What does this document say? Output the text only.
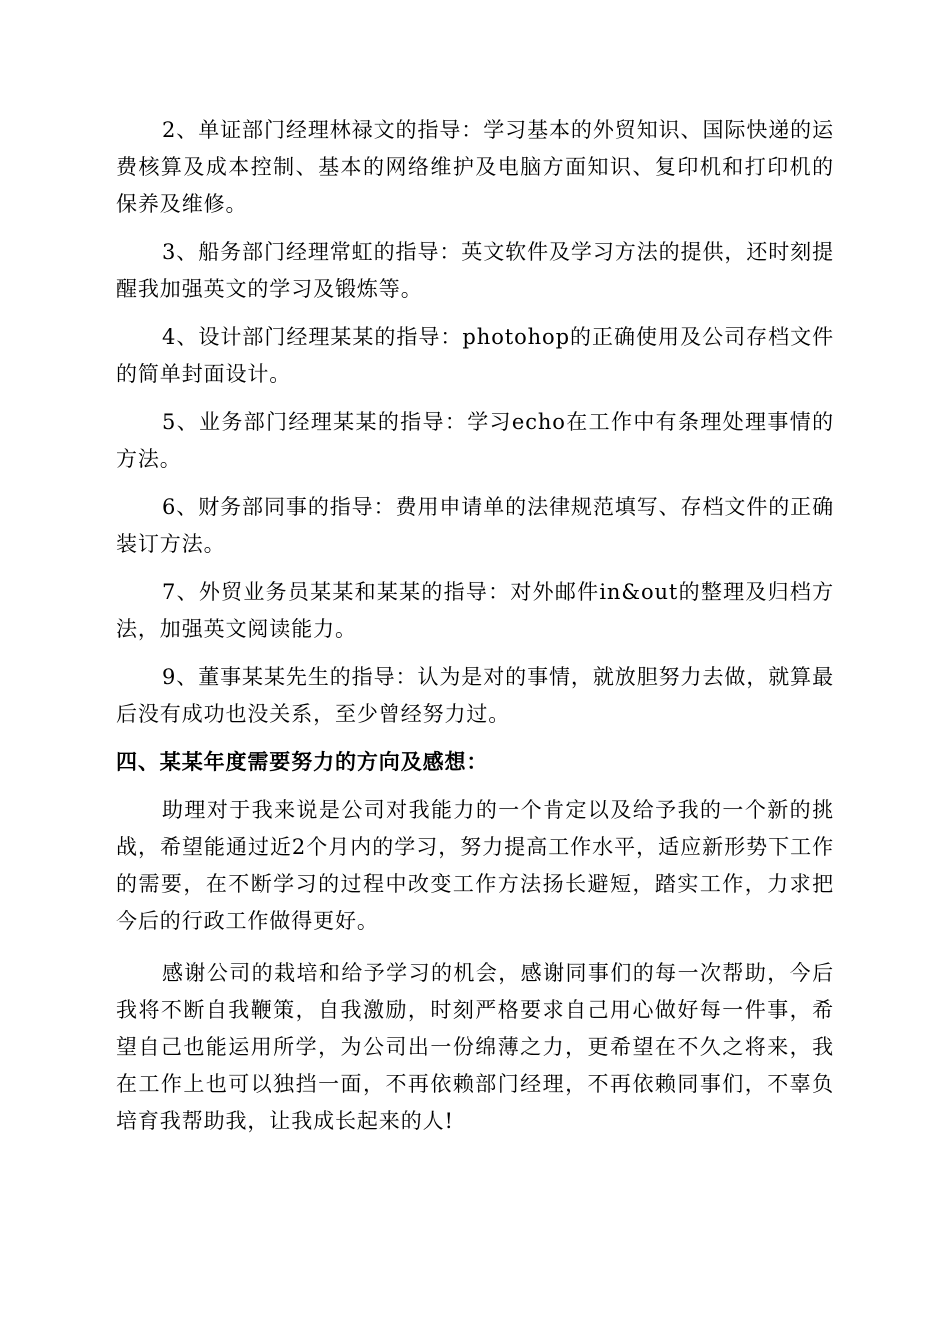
2、单证部门经理林禄文的指导：学习基本的外贸知识、国际快递的运费核算及成本控制、基本的网络维护及电脑方面知识、复印机和打印机的保养及维修。

3、船务部门经理常虹的指导：英文软件及学习方法的提供，还时刻提醒我加强英文的学习及锻炼等。

4、设计部门经理某某的指导：photohop的正确使用及公司存档文件的简单封面设计。

5、业务部门经理某某的指导：学习echo在工作中有条理处理事情的方法。

6、财务部同事的指导：费用申请单的法律规范填写、存档文件的正确装订方法。

7、外贸业务员某某和某某的指导：对外邮件in&out的整理及归档方法，加强英文阅读能力。

9、董事某某先生的指导：认为是对的事情，就放胆努力去做，就算最后没有成功也没关系，至少曾经努力过。

四、某某年度需要努力的方向及感想：

助理对于我来说是公司对我能力的一个肯定以及给予我的一个新的挑战，希望能通过近2个月内的学习，努力提高工作水平，适应新形势下工作的需要，在不断学习的过程中改变工作方法扬长避短，踏实工作，力求把今后的行政工作做得更好。

感谢公司的栽培和给予学习的机会，感谢同事们的每一次帮助，今后我将不断自我鞭策，自我激励，时刻严格要求自己用心做好每一件事，希望自己也能运用所学，为公司出一份绵薄之力，更希望在不久之将来，我在工作上也可以独挡一面，不再依赖部门经理，不再依赖同事们，不辜负培育我帮助我，让我成长起来的人!
